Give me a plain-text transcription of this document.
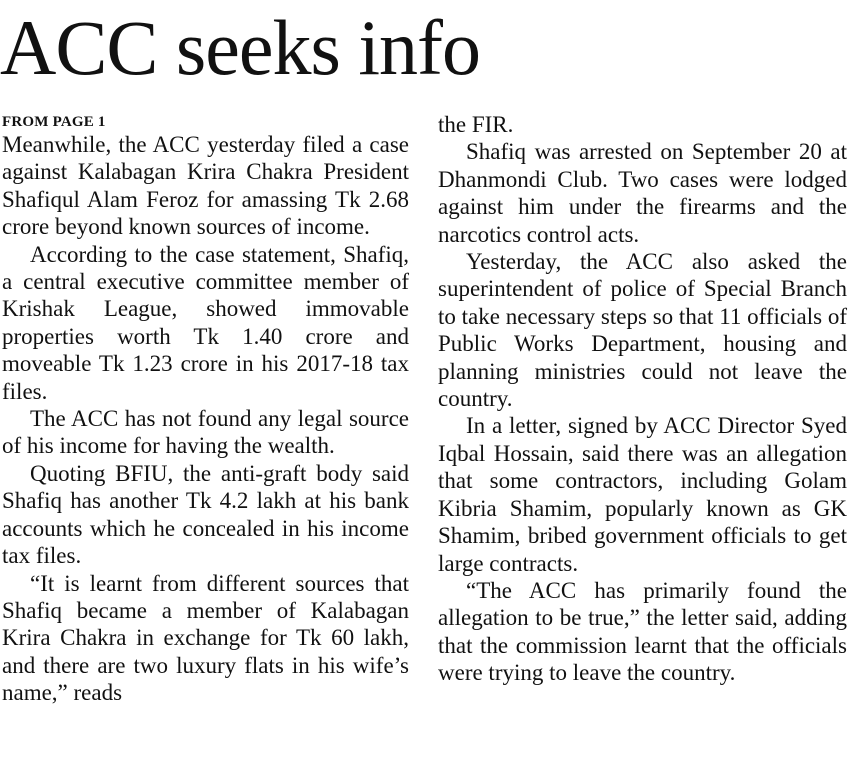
ACC seeks info
FROM PAGE 1

Meanwhile, the ACC yesterday filed a case against Kalabagan Krira Chakra President Shafiqul Alam Feroz for amassing Tk 2.68 crore beyond known sources of income.

According to the case statement, Shafiq, a central executive committee member of Krishak League, showed immovable properties worth Tk 1.40 crore and moveable Tk 1.23 crore in his 2017-18 tax files.

The ACC has not found any legal source of his income for having the wealth.

Quoting BFIU, the anti-graft body said Shafiq has another Tk 4.2 lakh at his bank accounts which he concealed in his income tax files.

“It is learnt from different sources that Shafiq became a member of Kalabagan Krira Chakra in exchange for Tk 60 lakh, and there are two luxury flats in his wife’s name,” reads

the FIR.

Shafiq was arrested on September 20 at Dhanmondi Club. Two cases were lodged against him under the firearms and the narcotics control acts.

Yesterday, the ACC also asked the superintendent of police of Special Branch to take necessary steps so that 11 officials of Public Works Department, housing and planning ministries could not leave the country.

In a letter, signed by ACC Director Syed Iqbal Hossain, said there was an allegation that some contractors, including Golam Kibria Shamim, popularly known as GK Shamim, bribed government officials to get large contracts.

“The ACC has primarily found the allegation to be true,” the letter said, adding that the commission learnt that the officials were trying to leave the country.
